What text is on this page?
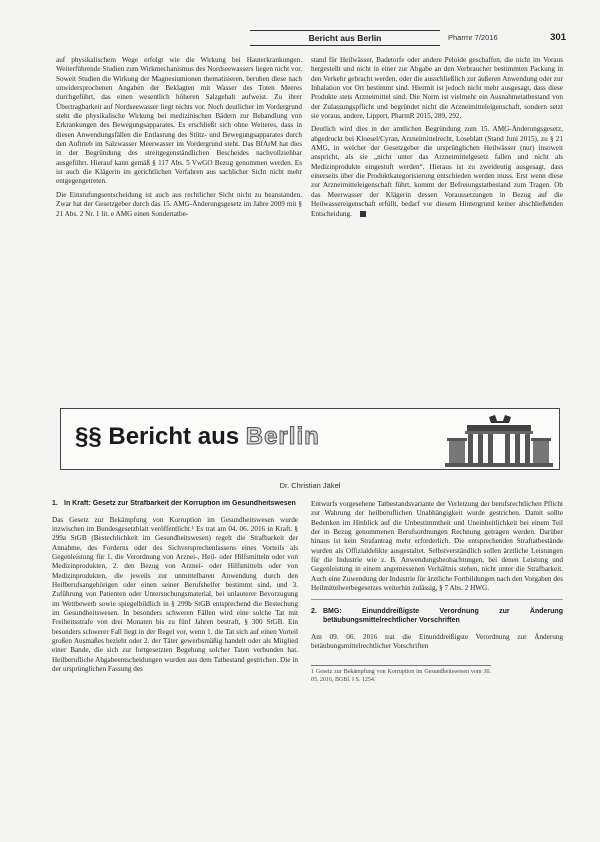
Bericht aus Berlin	Pharmr 7/2016	301

auf physikalischem Wege erfolgt wie die Wirkung bei Hauterkrankungen. Weiterführende Studien zum Wirkmechanismus des Nordseewassers liegen nicht vor. Soweit Studien die Wirkung der Magnesiumionen thematisieren, beruhen diese nach unwidersprochenen Angaben der Beklagten mit Wasser des Toten Meeres durchgeführt, das einen wesentlich höheren Salzgehalt aufweist. Zu ihrer Übertragbarkeit auf Nordseewasser liegt nichts vor. Noch deutlicher im Vordergrund steht die physikalische Wirkung bei medizinischen Bädern zur Behandlung von Erkrankungen des Bewegungsapparates. Es erschließt sich ohne Weiteres, dass in diesen Anwendungsfällen die Entlastung des Stütz- und Bewegungsapparates durch den Auftrieb im Salzwasser Meerwasser im Vordergrund steht. Das BfArM hat dies in der Begründung des streitgegenständlichen Bescheides nachvollziehbar ausgeführt. Hierauf kann gemäß § 117 Abs. 5 VwGO Bezug genommen werden. Es ist auch die Klägerin im gerichtlichen Verfahren aus sachlicher Sicht nicht mehr entgegengetreten.

Die Einstufungsentscheidung ist auch aus rechtlicher Sicht nicht zu beanstanden. Zwar hat der Gesetzgeber durch das 15. AMG-Änderungsgesetz im Jahre 2009 mit § 21 Abs. 2 Nr. 1 lit. e AMG einen Sondertatbe-

stand für Heilwässer, Badetorfe oder andere Peloide geschaffen, die nicht im Voraus hergestellt und nicht in einer zur Abgabe an den Verbraucher bestimmten Packung in den Verkehr gebracht werden, oder die ausschließlich zur äußeren Anwendung oder zur Inhalation vor Ort bestimmt sind. Hiermit ist jedoch nicht mehr ausgesagt, dass diese Produkte stets Arzneimittel sind. Die Norm ist vielmehr ein Ausnahmetatbestand von der Zulassungspflicht und begründet nicht die Arzneimitteleigenschaft, sondern setzt sie voraus, andere, Lippert, PharmR 2015, 289, 292.

Deutlich wird dies in der amtlichen Begründung zum 15. AMG-Änderungsgesetz, abgedruckt bei Kloesel/Cyran, Arzneimittelrecht, Loseblatt (Stand Juni 2015), zu § 21 AMG, in welcher der Gesetzgeber die ursprünglichen Heilwässer (nur) insoweit anspricht, als sie „nicht unter das Arzneimittelgesetz fallen und nicht als Medizinprodukte eingestuft werden“. Hieraus ist zu zweideutig ausgesagt, dass einerseits über die Produktkategorisierung entschieden werden muss. Erst wenn diese zur Arzneimitteleigenschaft führt, kommt der Befreiungstatbestand zum Tragen. Ob das Meerwasser der Klägerin dessen Voraussetzungen in Bezug auf die Heilwassereigenschaft erfüllt, bedarf vor diesem Hintergrund keiner abschließenden Entscheidung.

§§ Bericht aus Berlin
Dr. Christian Jäkel
1. In Kraft: Gesetz zur Strafbarkeit der Korruption im Gesundheitswesen

Das Gesetz zur Bekämpfung von Korruption im Gesundheitswesen wurde inzwischen im Bundesgesetzblatt veröffentlicht.¹ Es trat am 04. 06. 2016 in Kraft. § 299a StGB (Bestechlichkeit im Gesundheitswesen) regelt die Strafbarkeit der Annahme, des Forderns oder des Sichversprechenlassens eines Vorteils als Gegenleistung für 1. die Verordnung von Arznei-, Heil- oder Hilfsmitteln oder von Medizinprodukten, 2. den Bezug von Arznei- oder Hilfsmitteln oder von Medizinprodukten, die jeweils zur unmittelbaren Anwendung durch den Heilberufsangehörigen oder einen seiner Berufshelfer bestimmt sind, und 3. Zuführung von Patienten oder Untersuchungsmaterial, bei unlauterer Bevorzugung im Wettbewerb sowie spiegelbildlich in § 299b StGB entsprechend die Bestechung im Gesundheitswesen. In besonders schweren Fällen wird eine solche Tat mit Freiheitsstrafe von drei Monaten bis zu fünf Jahren bestraft, § 300 StGB. Ein besonders schwerer Fall liegt in der Regel vor, wenn 1. die Tat sich auf einen Vorteil großen Ausmaßes bezieht oder 2. der Täter gewerbsmäßig handelt oder als Mitglied einer Bande, die sich zur fortgesetzten Begehung solcher Taten verbunden hat. Heilberufliche Abgabeentscheidungen wurden aus dem Tatbestand gestrichen. Die in der ursprünglichen Fassung des

Entwurfs vorgesehene Tatbestandsvariante der Verletzung der berufsrechtlichen Pflicht zur Wahrung der heilberuflichen Unabhängigkeit wurde gestrichen. Damit sollte Bedenken im Hinblick auf die Unbestimmtheit und Uneinheitlichkeit bei einem Teil der in Bezug genommenen Berufsordnungen Rechnung getragen werden. Darüber hinaus ist kein Strafantrag mehr erforderlich. Die entsprechenden Straftatbestände wurden als Offizialdelikte ausgestaltet. Selbstverständlich sollen ärztliche Leistungen für die Industrie wie z. B. Anwendungsbeobachtungen, bei denen Leistung und Gegenleistung in einem angemessenen Verhältnis stehen, nicht unter die Strafbarkeit. Auch eine Zuwendung der Industrie für ärztliche Fortbildungen nach den Vorgaben des Heilmittelwerbegesetzes weiterhin zulässig, § 7 Abs. 2 HWG.

2. BMG: Einunddreißigste Verordnung zur Änderung betäubungsmittelrechtlicher Vorschriften

Am 09. 06. 2016 trat die Einunddreißigste Verordnung zur Änderung betäubungsmittelrechtlicher Vorschriften

1 Gesetz zur Bekämpfung von Korruption im Gesundheitswesen vom 30. 05. 2016, BGBl. I S. 1254.
